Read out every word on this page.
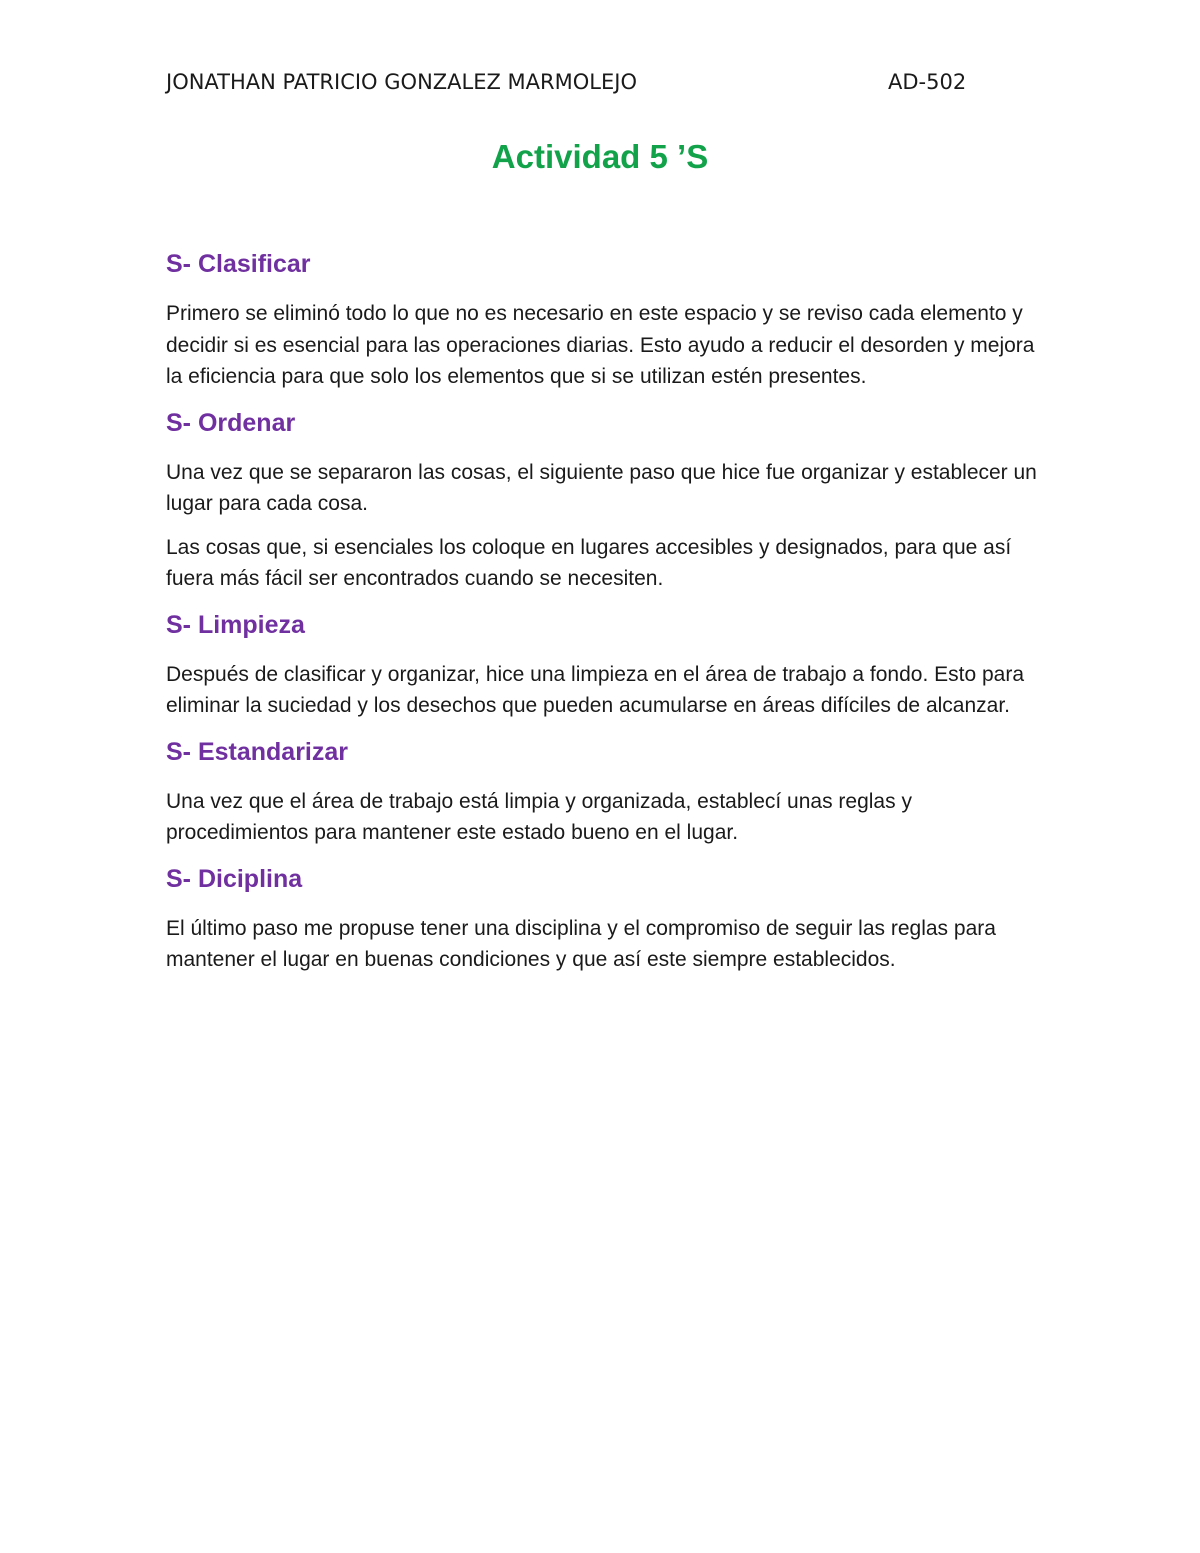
JONATHAN PATRICIO GONZALEZ MARMOLEJO	AD-502
Actividad 5 ’S
S- Clasificar

Primero se eliminó todo lo que no es necesario en este espacio y se reviso cada elemento y decidir si es esencial para las operaciones diarias. Esto ayudo a reducir el desorden y mejora la eficiencia para que solo los elementos que si se utilizan estén presentes.

S- Ordenar

Una vez que se separaron las cosas, el siguiente paso que hice fue organizar y establecer un lugar para cada cosa.

Las cosas que, si esenciales los coloque en lugares accesibles y designados, para que así fuera más fácil ser encontrados cuando se necesiten.

S- Limpieza

Después de clasificar y organizar, hice una limpieza en el área de trabajo a fondo. Esto para eliminar la suciedad y los desechos que pueden acumularse en áreas difíciles de alcanzar.

S- Estandarizar

Una vez que el área de trabajo está limpia y organizada, establecí unas reglas y procedimientos para mantener este estado bueno en el lugar.

S- Diciplina

El último paso me propuse tener una disciplina y el compromiso de seguir las reglas para mantener el lugar en buenas condiciones y que así este siempre establecidos.
